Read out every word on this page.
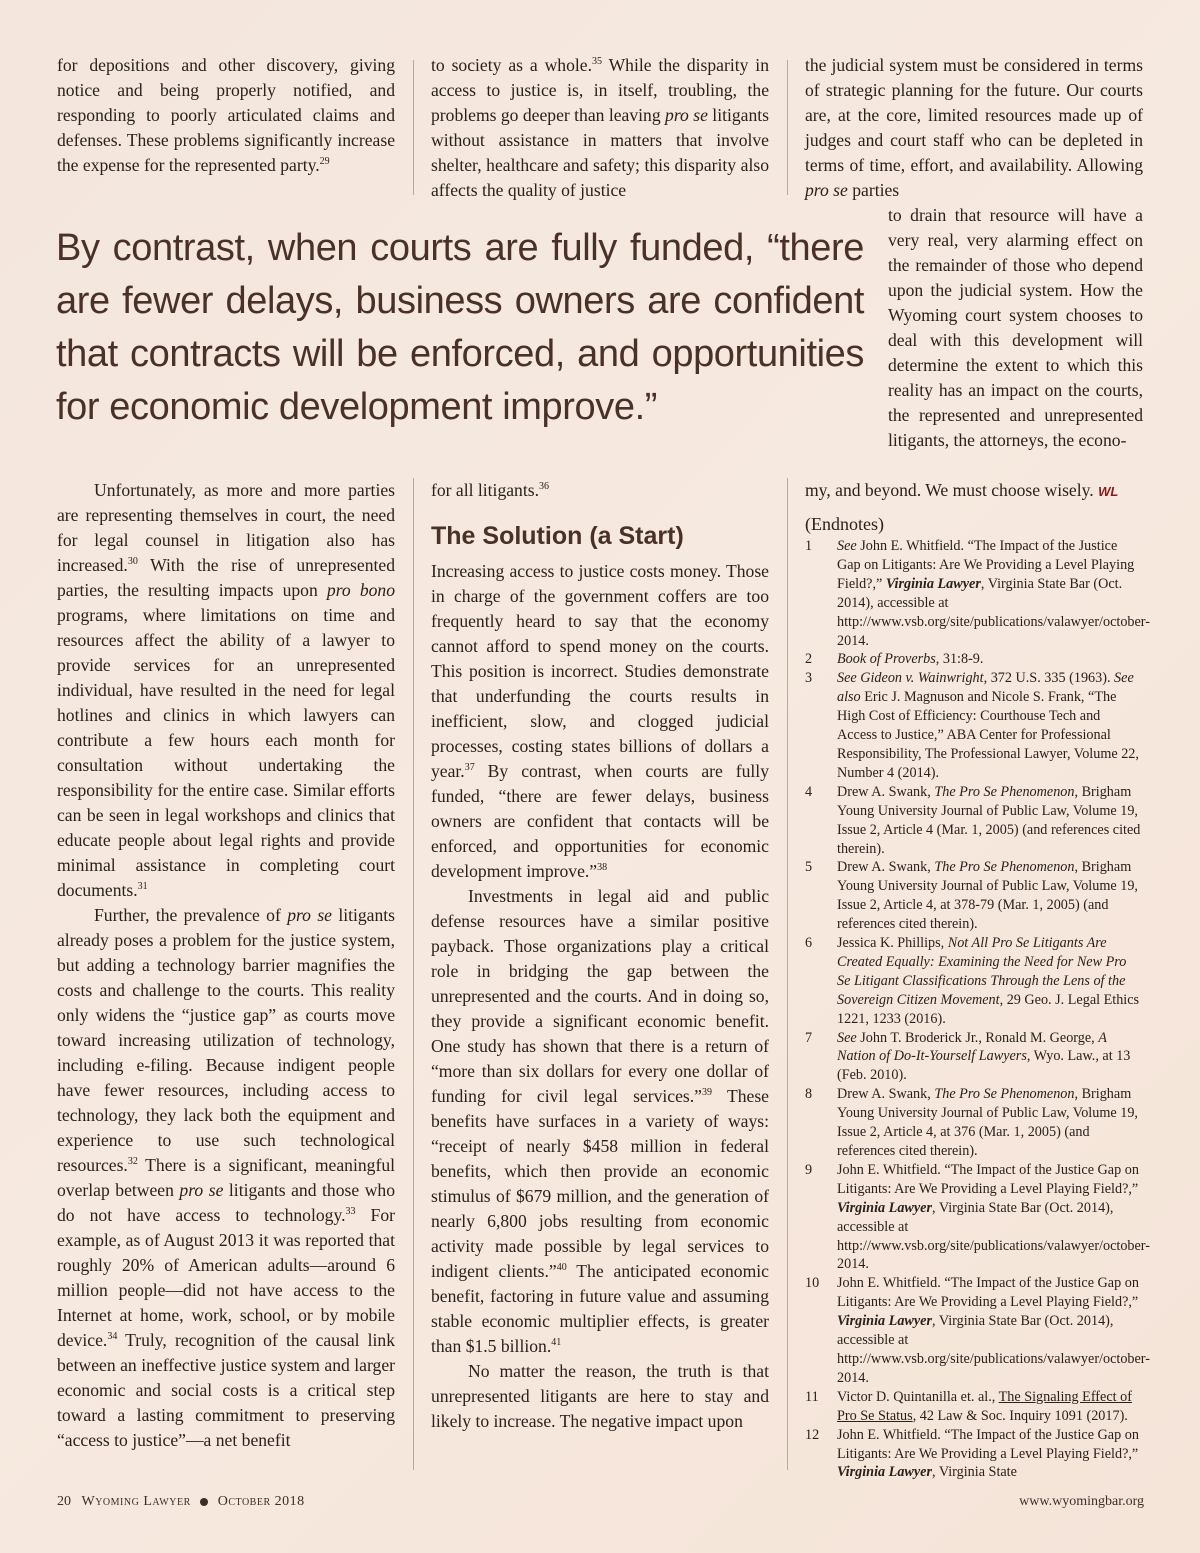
for depositions and other discovery, giving notice and being properly notified, and responding to poorly articulated claims and defenses. These problems significantly increase the expense for the represented party.$^{29}$

to society as a whole.$^{35}$ While the disparity in access to justice is, in itself, troubling, the problems go deeper than leaving pro se litigants without assistance in matters that involve shelter, healthcare and safety; this disparity also affects the quality of justice

the judicial system must be considered in terms of strategic planning for the future. Our courts are, at the core, limited resources made up of judges and court staff who can be depleted in terms of time, effort, and availability. Allowing pro se parties

to drain that resource will have a very real, very alarming effect on the remainder of those who depend upon the judicial system. How the Wyoming court system chooses to deal with this development will determine the extent to which this reality has an impact on the courts, the represented and unrepresented litigants, the attorneys, the econo-

my, and beyond. We must choose wisely. WL

By contrast, when courts are fully funded, “there are fewer delays, business owners are confident that contracts will be enforced, and opportunities for economic development improve.”

Unfortunately, as more and more parties are representing themselves in court, the need for legal counsel in litigation also has increased.$^{30}$ With the rise of unrepresented parties, the resulting impacts upon pro bono programs, where limitations on time and resources affect the ability of a lawyer to provide services for an unrepresented individual, have resulted in the need for legal hotlines and clinics in which lawyers can contribute a few hours each month for consultation without undertaking the responsibility for the entire case. Similar efforts can be seen in legal workshops and clinics that educate people about legal rights and provide minimal assistance in completing court documents.$^{31}$

Further, the prevalence of pro se litigants already poses a problem for the justice system, but adding a technology barrier magnifies the costs and challenge to the courts. This reality only widens the “justice gap” as courts move toward increasing utilization of technology, including e-filing. Because indigent people have fewer resources, including access to technology, they lack both the equipment and experience to use such technological resources.$^{32}$ There is a significant, meaningful overlap between pro se litigants and those who do not have access to technology.$^{33}$ For example, as of August 2013 it was reported that roughly 20% of American adults—around 6 million people—did not have access to the Internet at home, work, school, or by mobile device.$^{34}$ Truly, recognition of the causal link between an ineffective justice system and larger economic and social costs is a critical step toward a lasting commitment to preserving “access to justice”—a net benefit

for all litigants.$^{36}$

The Solution (a Start)

Increasing access to justice costs money. Those in charge of the government coffers are too frequently heard to say that the economy cannot afford to spend money on the courts. This position is incorrect. Studies demonstrate that underfunding the courts results in inefficient, slow, and clogged judicial processes, costing states billions of dollars a year.$^{37}$ By contrast, when courts are fully funded, “there are fewer delays, business owners are confident that contacts will be enforced, and opportunities for economic development improve.”$^{38}$

Investments in legal aid and public defense resources have a similar positive payback. Those organizations play a critical role in bridging the gap between the unrepresented and the courts. And in doing so, they provide a significant economic benefit. One study has shown that there is a return of “more than six dollars for every one dollar of funding for civil legal services.”$^{39}$ These benefits have surfaces in a variety of ways: “receipt of nearly $458 million in federal benefits, which then provide an economic stimulus of $679 million, and the generation of nearly 6,800 jobs resulting from economic activity made possible by legal services to indigent clients.”$^{40}$ The anticipated economic benefit, factoring in future value and assuming stable economic multiplier effects, is greater than $1.5 billion.$^{41}$

No matter the reason, the truth is that unrepresented litigants are here to stay and likely to increase. The negative impact upon

(Endnotes)

1 See John E. Whitfield. “The Impact of the Justice Gap on Litigants: Are We Providing a Level Playing Field?,” Virginia Lawyer, Virginia State Bar (Oct. 2014), accessible at http://www.vsb.org/site/publications/valawyer/october-2014.
2 Book of Proverbs, 31:8-9.
3 See Gideon v. Wainwright, 372 U.S. 335 (1963). See also Eric J. Magnuson and Nicole S. Frank, “The High Cost of Efficiency: Courthouse Tech and Access to Justice,” ABA Center for Professional Responsibility, The Professional Lawyer, Volume 22, Number 4 (2014).
4 Drew A. Swank, The Pro Se Phenomenon, Brigham Young University Journal of Public Law, Volume 19, Issue 2, Article 4 (Mar. 1, 2005) (and references cited therein).
5 Drew A. Swank, The Pro Se Phenomenon, Brigham Young University Journal of Public Law, Volume 19, Issue 2, Article 4, at 378-79 (Mar. 1, 2005) (and references cited therein).
6 Jessica K. Phillips, Not All Pro Se Litigants Are Created Equally: Examining the Need for New Pro Se Litigant Classifications Through the Lens of the Sovereign Citizen Movement, 29 Geo. J. Legal Ethics 1221, 1233 (2016).
7 See John T. Broderick Jr., Ronald M. George, A Nation of Do-It-Yourself Lawyers, Wyo. Law., at 13 (Feb. 2010).
8 Drew A. Swank, The Pro Se Phenomenon, Brigham Young University Journal of Public Law, Volume 19, Issue 2, Article 4, at 376 (Mar. 1, 2005) (and references cited therein).
9 John E. Whitfield. “The Impact of the Justice Gap on Litigants: Are We Providing a Level Playing Field?,” Virginia Lawyer, Virginia State Bar (Oct. 2014), accessible at http://www.vsb.org/site/publications/valawyer/october-2014.
10 John E. Whitfield. “The Impact of the Justice Gap on Litigants: Are We Providing a Level Playing Field?,” Virginia Lawyer, Virginia State Bar (Oct. 2014), accessible at http://www.vsb.org/site/publications/valawyer/october-2014.
11 Victor D. Quintanilla et. al., The Signaling Effect of Pro Se Status, 42 Law & Soc. Inquiry 1091 (2017).
12 John E. Whitfield. “The Impact of the Justice Gap on Litigants: Are We Providing a Level Playing Field?,” Virginia Lawyer, Virginia State
20 Wyoming Lawyer October 2018	www.wyomingbar.org
